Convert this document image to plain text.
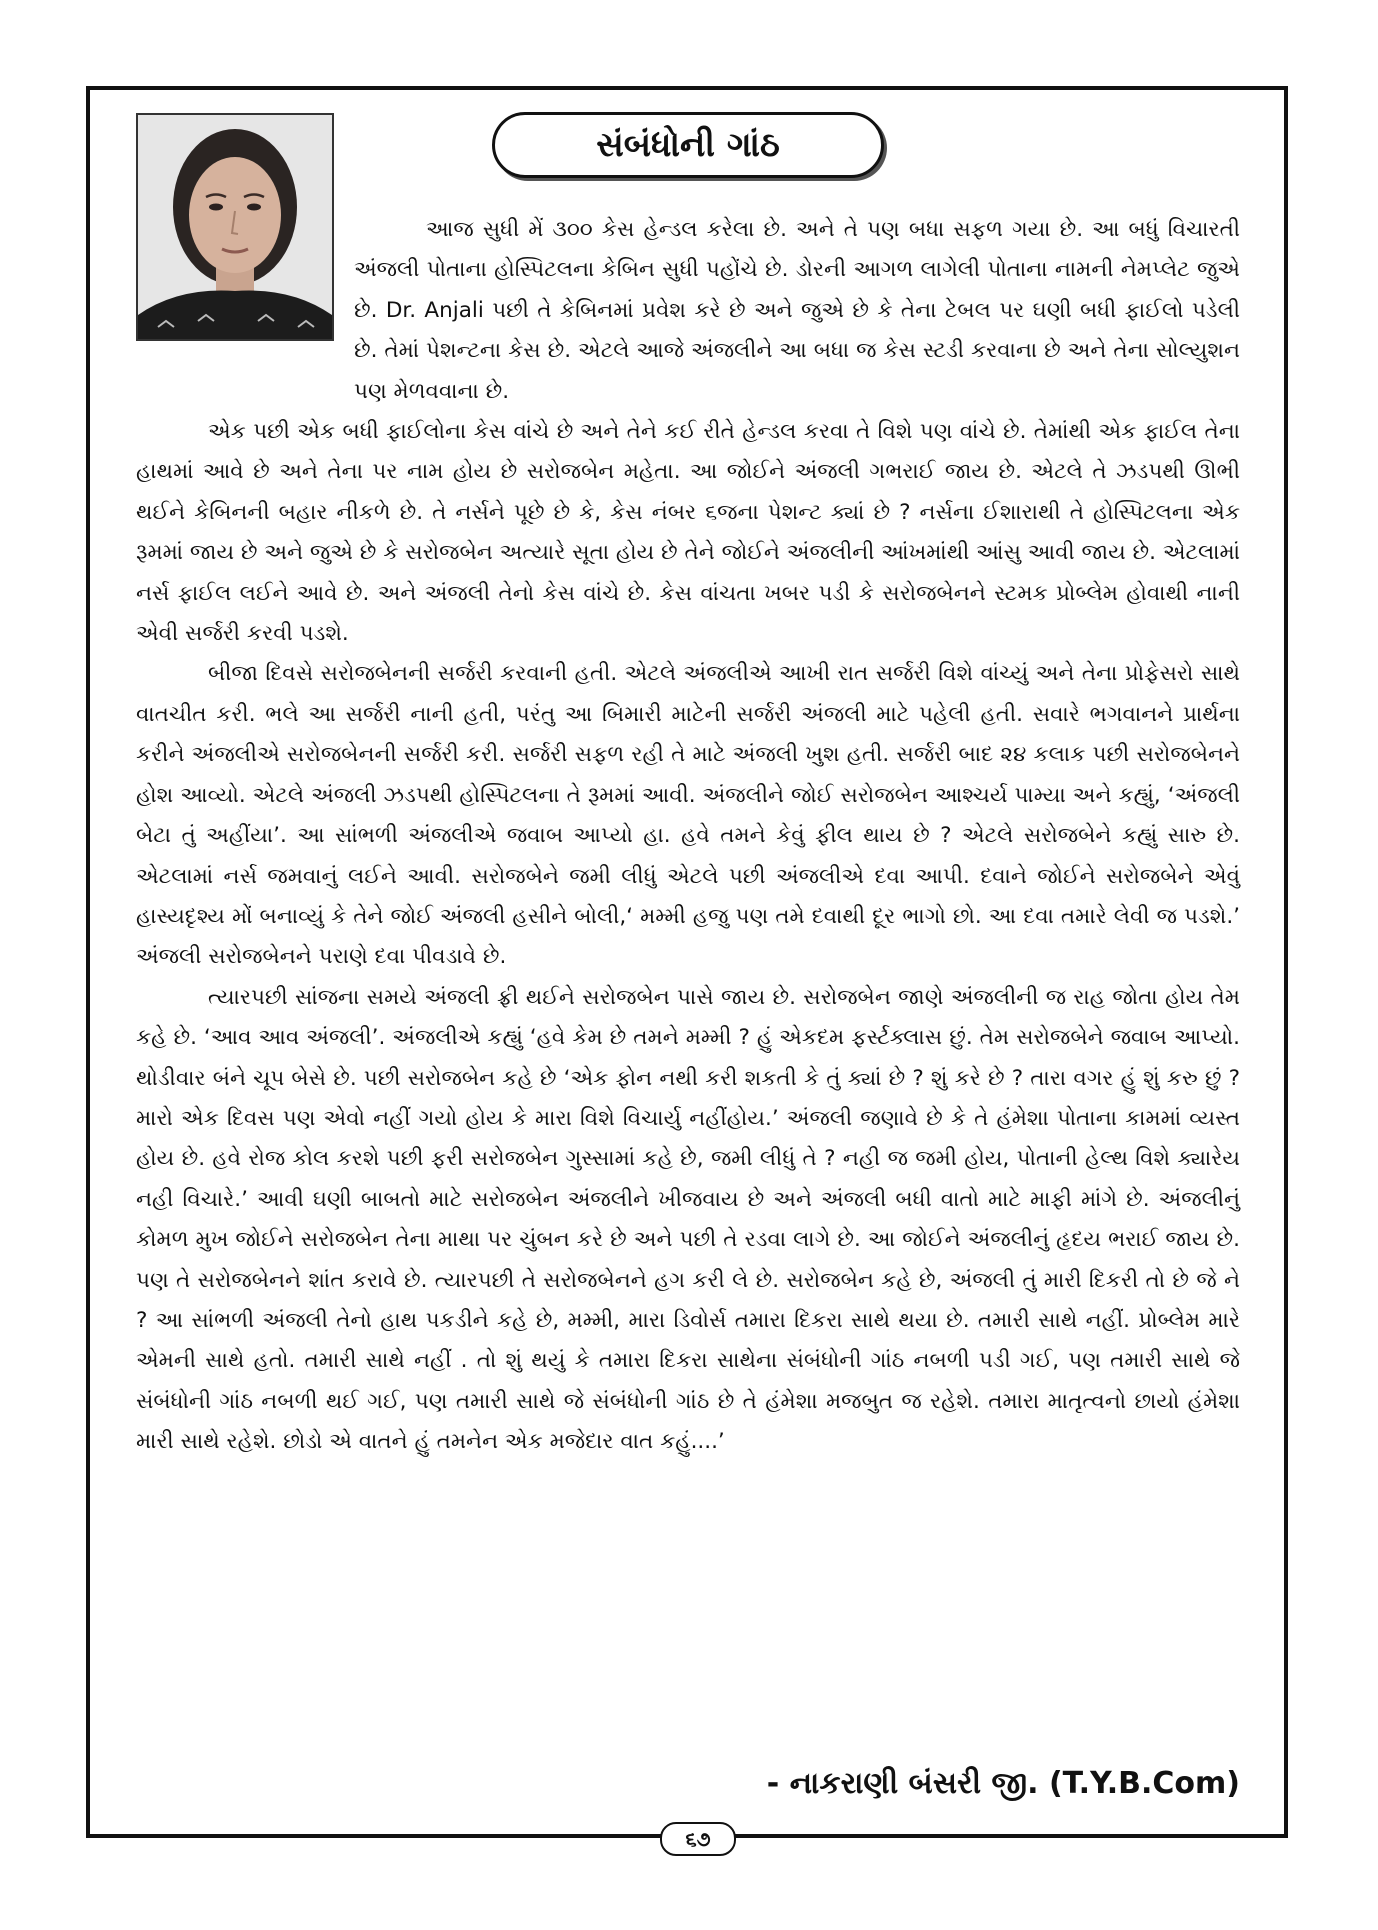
સંબંધોની ગાંઠ

આજ સુધી મેં ૩૦૦ કેસ હેન્ડલ કરેલા છે. અને તે પણ બધા સફળ ગયા છે. આ બધું વિચારતી અંજલી પોતાના હોસ્પિટલના કેબિન સુધી પહોંચે છે. ડોરની આગળ લાગેલી પોતાના નામની નેમપ્લેટ જુએ છે. Dr. Anjali પછી તે કેબિનમાં પ્રવેશ કરે છે અને જુએ છે કે તેના ટેબલ પર ઘણી બધી ફાઈલો પડેલી છે. તેમાં પેશન્ટના કેસ છે. એટલે આજે અંજલીને આ બધા જ કેસ સ્ટડી કરવાના છે અને તેના સોલ્યુશન પણ મેળવવાના છે.

એક પછી એક બધી ફાઈલોના કેસ વાંચે છે અને તેને કઈ રીતે હેન્ડલ કરવા તે વિશે પણ વાંચે છે. તેમાંથી એક ફાઈલ તેના હાથમાં આવે છે અને તેના પર નામ હોય છે સરોજબેન મહેતા. આ જોઈને અંજલી ગભરાઈ જાય છે. એટલે તે ઝડપથી ઊભી થઈને કેબિનની બહાર નીકળે છે. તે નર્સને પૂછે છે કે, કેસ નંબર ૬જના પેશન્ટ ક્યાં છે ? નર્સના ઈશારાથી તે હોસ્પિટલના એક રૂમમાં જાય છે અને જુએ છે કે સરોજબેન અત્યારે સૂતા હોય છે તેને જોઈને અંજલીની આંખમાંથી આંસુ આવી જાય છે. એટલામાં નર્સ ફાઈલ લઈને આવે છે. અને અંજલી તેનો કેસ વાંચે છે. કેસ વાંચતા ખબર પડી કે સરોજબેનને સ્ટમક પ્રોબ્લેમ હોવાથી નાની એવી સર્જરી કરવી પડશે.

બીજા દિવસે સરોજબેનની સર્જરી કરવાની હતી. એટલે અંજલીએ આખી રાત સર્જરી વિશે વાંચ્યું અને તેના પ્રોફેસરો સાથે વાતચીત કરી. ભલે આ સર્જરી નાની હતી, પરંતુ આ બિમારી માટેની સર્જરી અંજલી માટે પહેલી હતી. સવારે ભગવાનને પ્રાર્થના કરીને અંજલીએ સરોજબેનની સર્જરી કરી. સર્જરી સફળ રહી તે માટે અંજલી ખુશ હતી. સર્જરી બાદ ૨૪ કલાક પછી સરોજબેનને હોશ આવ્યો. એટલે અંજલી ઝડપથી હોસ્પિટલના તે રૂમમાં આવી. અંજલીને જોઈ સરોજબેન આશ્ચર્ય પામ્યા અને કહ્યું, ‘અંજલી બેટા તું અહીંયા’. આ સાંભળી અંજલીએ જવાબ આપ્યો હા. હવે તમને કેવું ફીલ થાય છે ? એટલે સરોજબેને કહ્યું સારુ છે. એટલામાં નર્સ જમવાનું લઈને આવી. સરોજબેને જમી લીધું એટલે પછી અંજલીએ દવા આપી. દવાને જોઈને સરોજબેને એવું હાસ્યદૃશ્ય મોં બનાવ્યું કે તેને જોઈ અંજલી હસીને બોલી,‘ મમ્મી હજુ પણ તમે દવાથી દૂર ભાગો છો. આ દવા તમારે લેવી જ પડશે.’ અંજલી સરોજબેનને પરાણે દવા પીવડાવે છે.

ત્યારપછી સાંજના સમયે અંજલી ફ્રી થઈને સરોજબેન પાસે જાય છે. સરોજબેન જાણે અંજલીની જ રાહ જોતા હોય તેમ કહે છે. ‘આવ આવ અંજલી’. અંજલીએ કહ્યું ‘હવે કેમ છે તમને મમ્મી ? હું એકદમ ફર્સ્ટક્લાસ છું. તેમ સરોજબેને જવાબ આપ્યો. થોડીવાર બંને ચૂપ બેસે છે. પછી સરોજબેન કહે છે ‘એક ફોન નથી કરી શકતી કે તું ક્યાં છે ? શું કરે છે ? તારા વગર હું શું કરુ છું ? મારો એક દિવસ પણ એવો નહીં ગયો હોય કે મારા વિશે વિચાર્યુ નહીંહોય.’ અંજલી જણાવે છે કે તે હંમેશા પોતાના કામમાં વ્યસ્ત હોય છે. હવે રોજ કોલ કરશે પછી ફરી સરોજબેન ગુસ્સામાં કહે છે, જમી લીધું તે ? નહી જ જમી હોય, પોતાની હેલ્થ વિશે ક્યારેય નહી વિચારે.’ આવી ઘણી બાબતો માટે સરોજબેન અંજલીને ખીજવાય છે અને અંજલી બધી વાતો માટે માફી માંગે છે. અંજલીનું કોમળ મુખ જોઈને સરોજબેન તેના માથા પર ચુંબન કરે છે અને પછી તે રડવા લાગે છે. આ જોઈને અંજલીનું હૃદય ભરાઈ જાય છે. પણ તે સરોજબેનને શાંત કરાવે છે. ત્યારપછી તે સરોજબેનને હગ કરી લે છે. સરોજબેન કહે છે, અંજલી તું મારી દિકરી તો છે જે ને ? આ સાંભળી અંજલી તેનો હાથ પકડીને કહે છે, મમ્મી, મારા ડિવોર્સ તમારા દિકરા સાથે થયા છે. તમારી સાથે નહીં. પ્રોબ્લેમ મારે એમની સાથે હતો. તમારી સાથે નહીં . તો શું થયું કે તમારા દિકરા સાથેના સંબંધોની ગાંઠ નબળી પડી ગઈ, પણ તમારી સાથે જે સંબંધોની ગાંઠ નબળી થઈ ગઈ, પણ તમારી સાથે જે સંબંધોની ગાંઠ છે તે હંમેશા મજબુત જ રહેશે. તમારા માતૃત્વનો છાયો હંમેશા મારી સાથે રહેશે. છોડો એ વાતને હું તમનેન એક મજેદાર વાત કહું....’

- નાકરાણી બંસરી જી. (T.Y.B.Com)
૬૭
